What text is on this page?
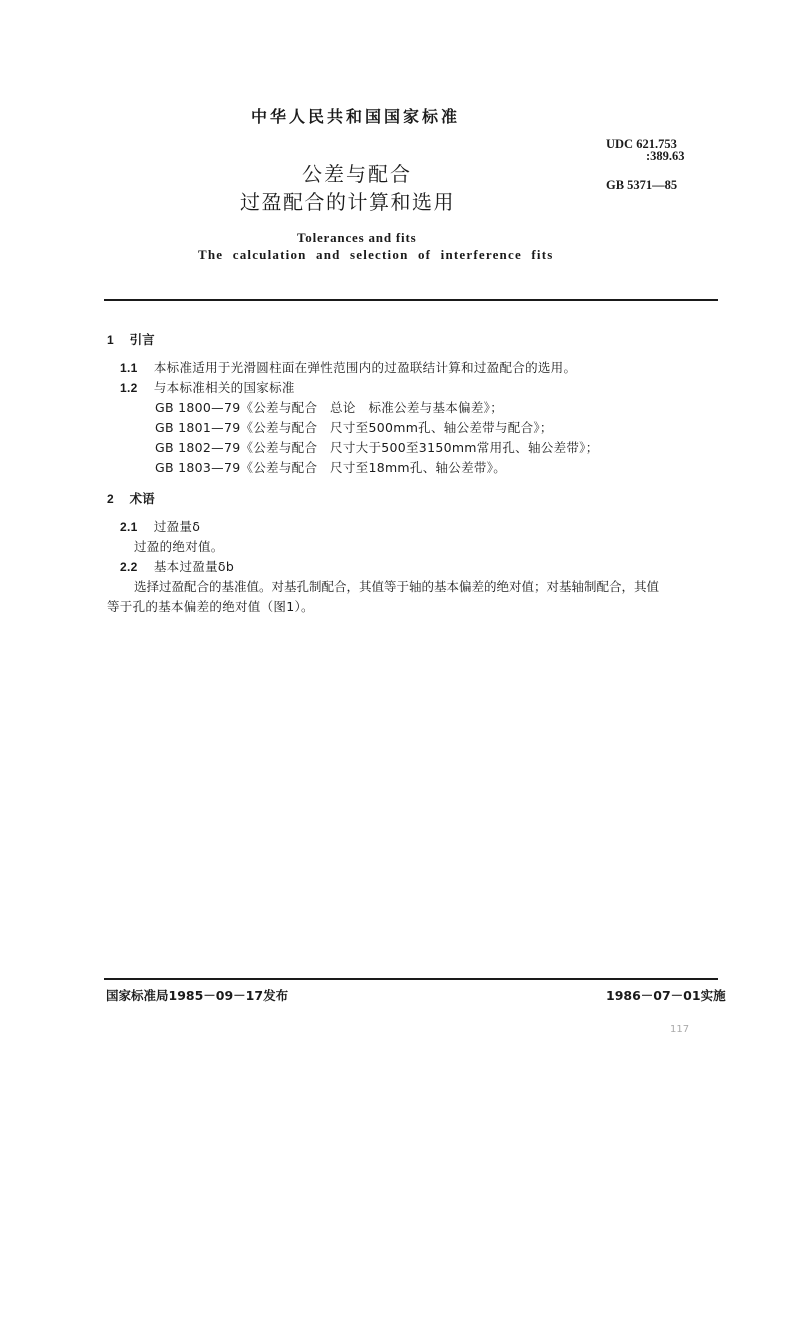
中华人民共和国国家标准
UDC 621.753
:389.63
GB 5371—85
公差与配合
过盈配合的计算和选用
Tolerances and fits
The calculation and selection of interference fits
1 引言
1.1 本标准适用于光滑圆柱面在弹性范围内的过盈联结计算和过盈配合的选用。
1.2 与本标准相关的国家标准
GB 1800—79《公差与配合　总论　标准公差与基本偏差》；
GB 1801—79《公差与配合　尺寸至500mm孔、轴公差带与配合》；
GB 1802—79《公差与配合　尺寸大于500至3150mm常用孔、轴公差带》；
GB 1803—79《公差与配合　尺寸至18mm孔、轴公差带》。
2 术语
2.1 过盈量δ
过盈的绝对值。
2.2 基本过盈量δb
选择过盈配合的基准值。对基孔制配合，其值等于轴的基本偏差的绝对值；对基轴制配合，其值
等于孔的基本偏差的绝对值（图1）。
国家标准局1985－09－17发布	1986－07－01实施
117
